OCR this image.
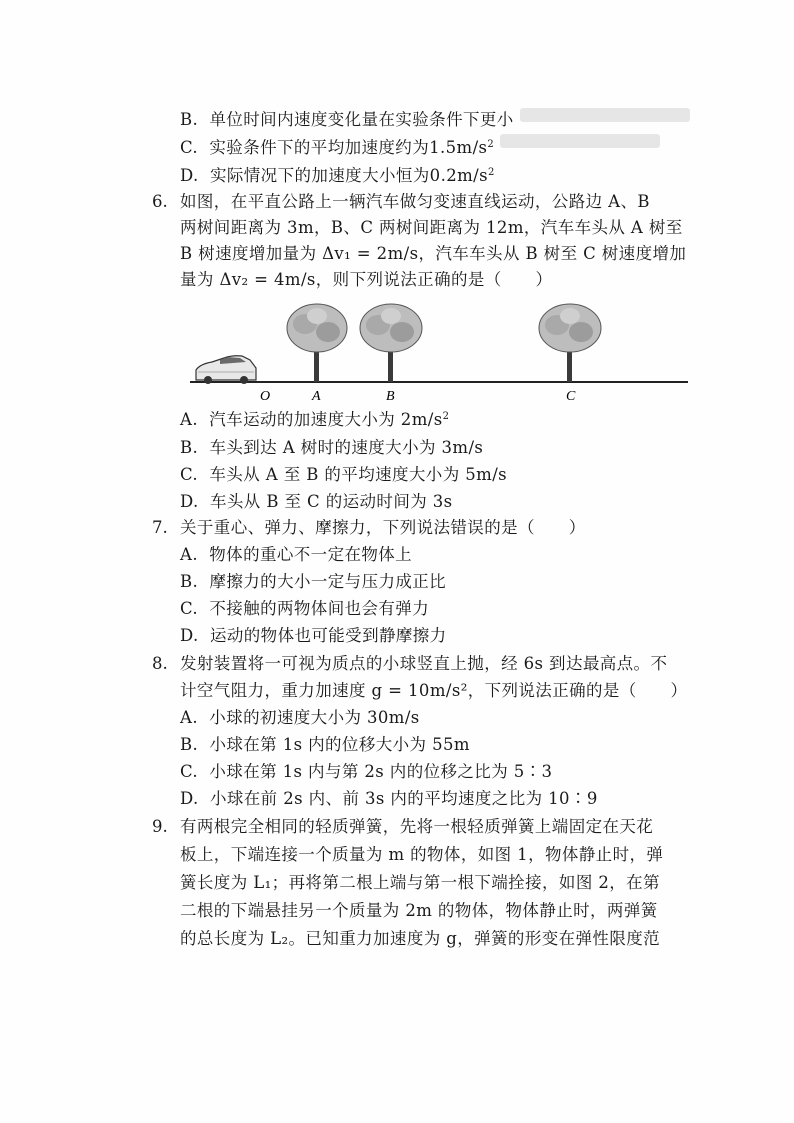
B. 单位时间内速度变化量在实验条件下更小
C. 实验条件下的平均加速度约为$1.5m/s^2$
D. 实际情况下的加速度大小恒为$0.2m/s^2$
6. 如图，在平直公路上一辆汽车做匀变速直线运动，公路边 A、B
两树间距离为 3m，B、C 两树间距离为 12m，汽车车头从 A 树至
B 树速度增加量为 Δv₁ = 2m/s，汽车车头从 B 树至 C 树速度增加
量为 Δv₂ = 4m/s，则下列说法正确的是（　　）
O	A	B	C
A. 汽车运动的加速度大小为 $2m/s^2$
B. 车头到达 A 树时的速度大小为 3m/s
C. 车头从 A 至 B 的平均速度大小为 5m/s
D. 车头从 B 至 C 的运动时间为 3s
7. 关于重心、弹力、摩擦力，下列说法错误的是（　　）
A. 物体的重心不一定在物体上
B. 摩擦力的大小一定与压力成正比
C. 不接触的两物体间也会有弹力
D. 运动的物体也可能受到静摩擦力
8. 发射装置将一可视为质点的小球竖直上抛，经 6s 到达最高点。不
计空气阻力，重力加速度 g = 10m/s²，下列说法正确的是（　　）
A. 小球的初速度大小为 30m/s
B. 小球在第 1s 内的位移大小为 55m
C. 小球在第 1s 内与第 2s 内的位移之比为 5∶3
D. 小球在前 2s 内、前 3s 内的平均速度之比为 10∶9
9. 有两根完全相同的轻质弹簧，先将一根轻质弹簧上端固定在天花
板上，下端连接一个质量为 m 的物体，如图 1，物体静止时，弹
簧长度为 L₁；再将第二根上端与第一根下端拴接，如图 2，在第
二根的下端悬挂另一个质量为 2m 的物体，物体静止时，两弹簧
的总长度为 L₂。已知重力加速度为 g，弹簧的形变在弹性限度范
